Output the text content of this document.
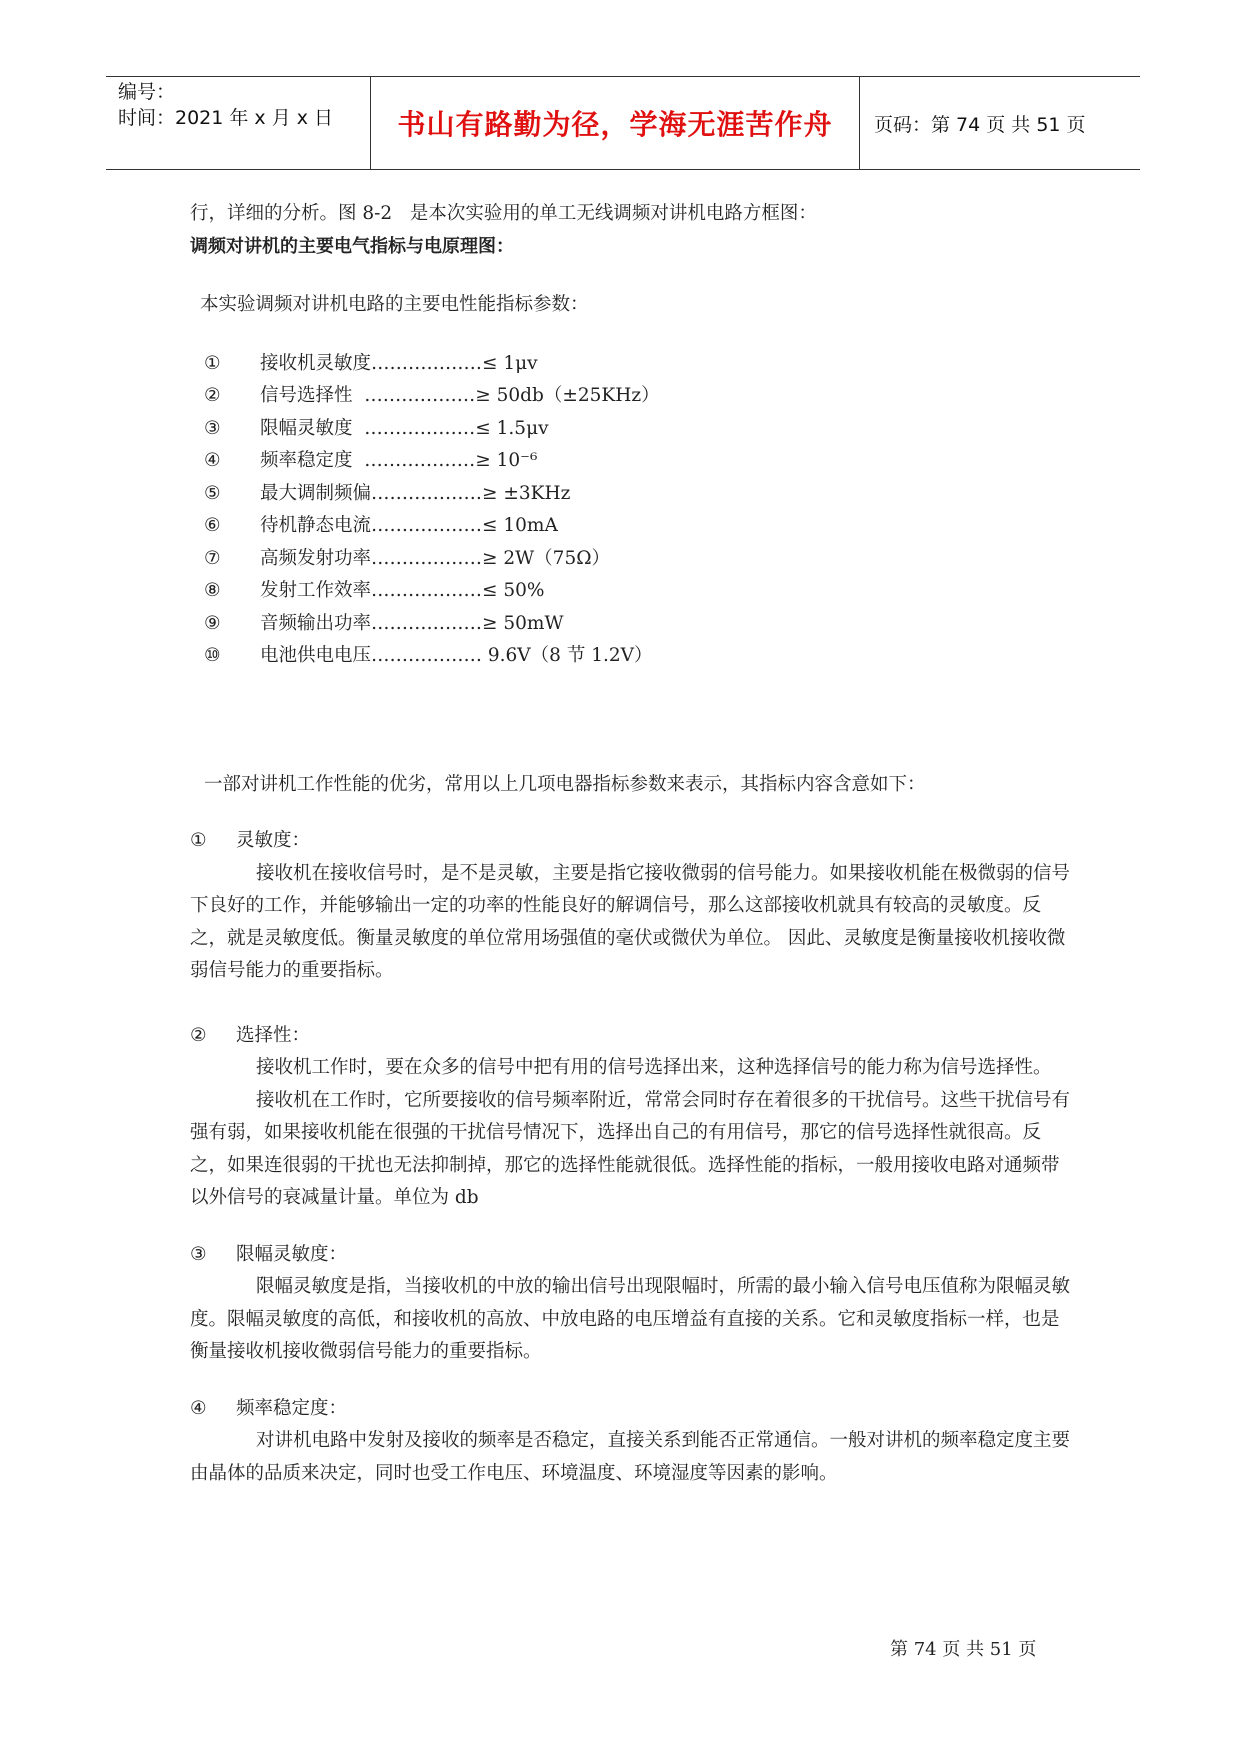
编号：
时间：2021 年 x 月 x 日	书山有路勤为径，学海无涯苦作舟	页码：第 74 页 共 51 页

行，详细的分析。图 8-2   是本次实验用的单工无线调频对讲机电路方框图：

调频对讲机的主要电气指标与电原理图：

本实验调频对讲机电路的主要电性能指标参数：

①	接收机灵敏度………………≤ 1μv
②	信号选择性  ………………≥ 50db（±25KHz）
③	限幅灵敏度  ………………≤ 1.5μv
④	频率稳定度  ………………≥ 10⁻⁶
⑤	最大调制频偏………………≥ ±3KHz
⑥	待机静态电流………………≤ 10mA
⑦	高频发射功率………………≥ 2W（75Ω）
⑧	发射工作效率………………≤ 50%
⑨	音频输出功率………………≥ 50mW
⑩	电池供电电压……………… 9.6V（8 节 1.2V）

一部对讲机工作性能的优劣，常用以上几项电器指标参数来表示，其指标内容含意如下：

①	灵敏度：

接收机在接收信号时，是不是灵敏，主要是指它接收微弱的信号能力。如果接收机能在极微弱的信号下良好的工作，并能够输出一定的功率的性能良好的解调信号，那么这部接收机就具有较高的灵敏度。反之，就是灵敏度低。衡量灵敏度的单位常用场强值的毫伏或微伏为单位。 因此、灵敏度是衡量接收机接收微弱信号能力的重要指标。

②	选择性：

接收机工作时，要在众多的信号中把有用的信号选择出来，这种选择信号的能力称为信号选择性。

接收机在工作时，它所要接收的信号频率附近，常常会同时存在着很多的干扰信号。这些干扰信号有强有弱，如果接收机能在很强的干扰信号情况下，选择出自己的有用信号，那它的信号选择性就很高。反之，如果连很弱的干扰也无法抑制掉，那它的选择性能就很低。选择性能的指标，一般用接收电路对通频带以外信号的衰减量计量。单位为 db

③	限幅灵敏度：

限幅灵敏度是指，当接收机的中放的输出信号出现限幅时，所需的最小输入信号电压值称为限幅灵敏度。限幅灵敏度的高低，和接收机的高放、中放电路的电压增益有直接的关系。它和灵敏度指标一样，也是衡量接收机接收微弱信号能力的重要指标。

④	频率稳定度：

对讲机电路中发射及接收的频率是否稳定，直接关系到能否正常通信。一般对讲机的频率稳定度主要由晶体的品质来决定，同时也受工作电压、环境温度、环境湿度等因素的影响。

第 74 页 共 51 页
